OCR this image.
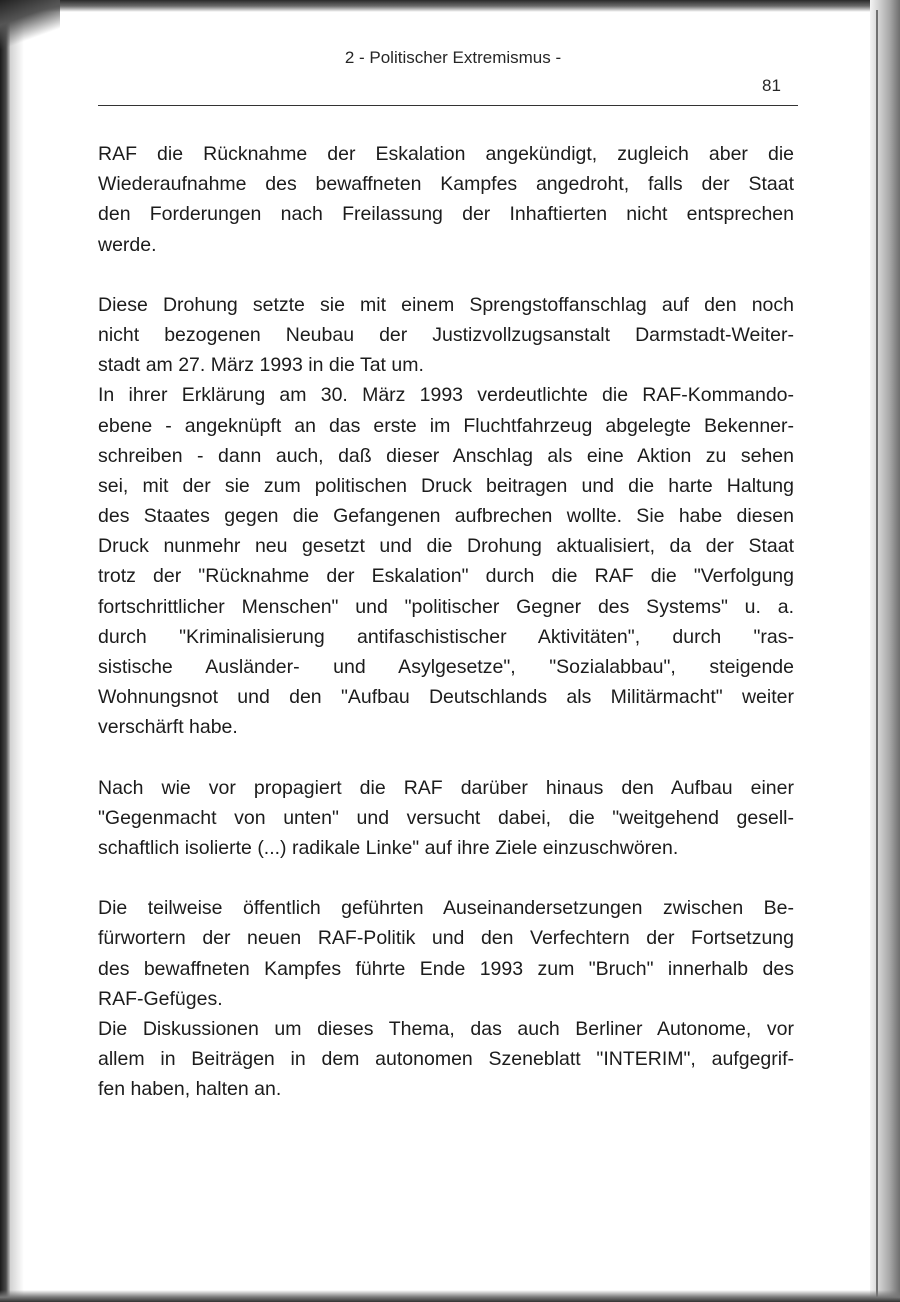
2 - Politischer Extremismus -
81

RAF die Rücknahme der Eskalation angekündigt, zugleich aber die
Wiederaufnahme des bewaffneten Kampfes angedroht, falls der Staat
den Forderungen nach Freilassung der Inhaftierten nicht entsprechen
werde.

Diese Drohung setzte sie mit einem Sprengstoffanschlag auf den noch
nicht bezogenen Neubau der Justizvollzugsanstalt Darmstadt-Weiter-
stadt am 27. März 1993 in die Tat um.

In ihrer Erklärung am 30. März 1993 verdeutlichte die RAF-Kommando-
ebene - angeknüpft an das erste im Fluchtfahrzeug abgelegte Bekenner-
schreiben - dann auch, daß dieser Anschlag als eine Aktion zu sehen
sei, mit der sie zum politischen Druck beitragen und die harte Haltung
des Staates gegen die Gefangenen aufbrechen wollte. Sie habe diesen
Druck nunmehr neu gesetzt und die Drohung aktualisiert, da der Staat
trotz der "Rücknahme der Eskalation" durch die RAF die "Verfolgung
fortschrittlicher Menschen" und "politischer Gegner des Systems" u. a.
durch "Kriminalisierung antifaschistischer Aktivitäten", durch "ras-
sistische Ausländer- und Asylgesetze", "Sozialabbau", steigende
Wohnungsnot und den "Aufbau Deutschlands als Militärmacht" weiter
verschärft habe.

Nach wie vor propagiert die RAF darüber hinaus den Aufbau einer
"Gegenmacht von unten" und versucht dabei, die "weitgehend gesell-
schaftlich isolierte (...) radikale Linke" auf ihre Ziele einzuschwören.

Die teilweise öffentlich geführten Auseinandersetzungen zwischen Be-
fürwortern der neuen RAF-Politik und den Verfechtern der Fortsetzung
des bewaffneten Kampfes führte Ende 1993 zum "Bruch" innerhalb des
RAF-Gefüges.

Die Diskussionen um dieses Thema, das auch Berliner Autonome, vor
allem in Beiträgen in dem autonomen Szeneblatt "INTERIM", aufgegrif-
fen haben, halten an.
